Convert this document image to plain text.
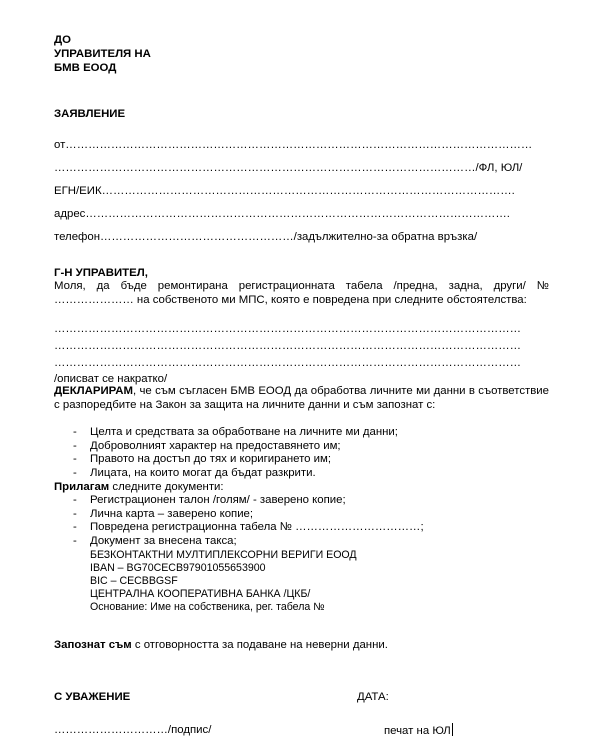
ДО
УПРАВИТЕЛЯ НА
БМВ ЕООД
ЗАЯВЛЕНИЕ
от……………………………………………………………………………………………………………
…………………………………………………………………………………………………/ФЛ, ЮЛ/
ЕГН/ЕИК……………………………………………………………………………………………….
адрес………………………………………………………………………………………………….
телефон……………………………………………/задължително-за обратна връзка/
Г-Н УПРАВИТЕЛ,
Моля, да бъде ремонтирана регистрационната табела /предна, задна, други/ № ………………… на собственото ми МПС, която е повредена при следните обстоятелства:
……………………………………………………………………………………………………………
……………………………………………………………………………………………………………
……………………………………………………………………………………………………………
/описват се накратко/
ДЕКЛАРИРАМ, че съм съгласен БМВ ЕООД да обработва личните ми данни в съответствие с разпоредбите на Закон за защита на личните данни и съм запознат с:
- Целта и средствата за обработване на личните ми данни;
- Доброволният характер на предоставянето им;
- Правото на достъп до тях и коригирането им;
- Лицата, на които могат да бъдат разкрити.
Прилагам следните документи:
- Регистрационен талон /голям/ - заверено копие;
- Лична карта – заверено копие;
- Повредена регистрационна табела № ……………………………;
- Документ за внесена такса;
БЕЗКОНТАКТНИ МУЛТИПЛЕКСОРНИ ВЕРИГИ ЕООД
IBAN – BG70CECB97901055653900
BIC – CECBBGSF
ЦЕНТРАЛНА КООПЕРАТИВНА БАНКА /ЦКБ/
Основание: Име на собственика, рег. табела №
Запознат съм с отговорността за подаване на неверни данни.
С УВАЖЕНИЕ	ДАТА:
…………………………/подпис/	печат на ЮЛ
